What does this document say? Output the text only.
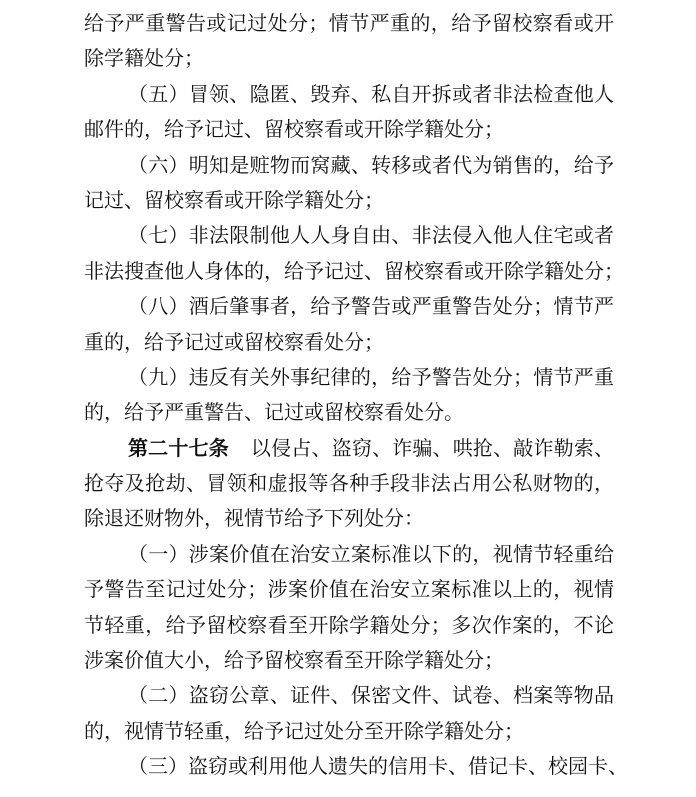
给予严重警告或记过处分；情节严重的，给予留校察看或开
除学籍处分；
（五）冒领、隐匿、毁弃、私自开拆或者非法检查他人
邮件的，给予记过、留校察看或开除学籍处分；
（六）明知是赃物而窝藏、转移或者代为销售的，给予
记过、留校察看或开除学籍处分；
（七）非法限制他人人身自由、非法侵入他人住宅或者
非法搜查他人身体的，给予记过、留校察看或开除学籍处分；
（八）酒后肇事者，给予警告或严重警告处分；情节严
重的，给予记过或留校察看处分；
（九）违反有关外事纪律的，给予警告处分；情节严重
的，给予严重警告、记过或留校察看处分。
第二十七条 以侵占、盗窃、诈骗、哄抢、敲诈勒索、
抢夺及抢劫、冒领和虚报等各种手段非法占用公私财物的，
除退还财物外，视情节给予下列处分：
（一）涉案价值在治安立案标准以下的，视情节轻重给
予警告至记过处分；涉案价值在治安立案标准以上的，视情
节轻重，给予留校察看至开除学籍处分；多次作案的，不论
涉案价值大小，给予留校察看至开除学籍处分；
（二）盗窃公章、证件、保密文件、试卷、档案等物品
的，视情节轻重，给予记过处分至开除学籍处分；
（三）盗窃或利用他人遗失的信用卡、借记卡、校园卡、
